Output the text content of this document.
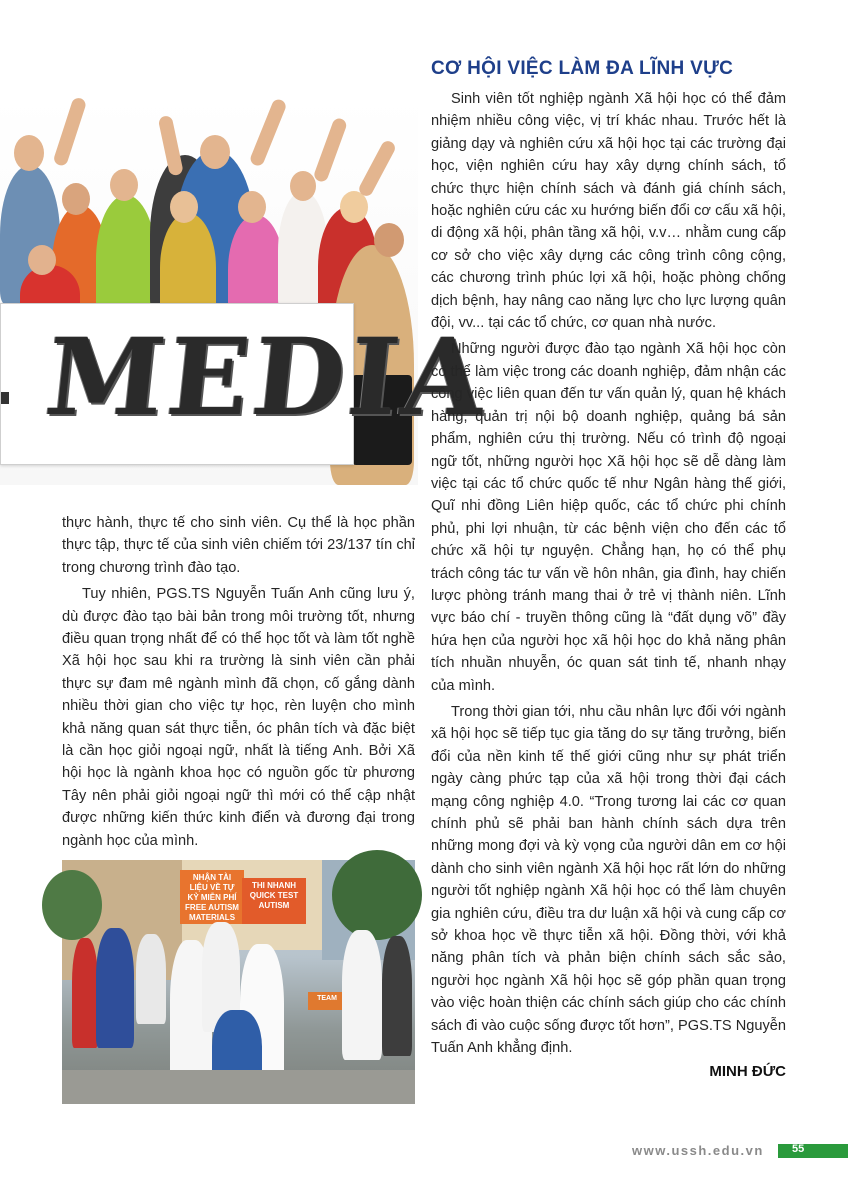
MEDIA
CƠ HỘI VIỆC LÀM ĐA LĨNH VỰC

Sinh viên tốt nghiệp ngành Xã hội học có thể đảm nhiệm nhiều công việc, vị trí khác nhau. Trước hết là giảng dạy và nghiên cứu xã hội học tại các trường đại học, viện nghiên cứu hay xây dựng chính sách, tổ chức thực hiện chính sách và đánh giá chính sách, hoặc nghiên cứu các xu hướng biến đổi cơ cấu xã hội, di động xã hội, phân tầng xã hội, v.v… nhằm cung cấp cơ sở cho việc xây dựng các công trình công cộng, các chương trình phúc lợi xã hội, hoặc phòng chống dịch bệnh, hay nâng cao năng lực cho lực lượng quân đội, vv... tại các tổ chức, cơ quan nhà nước.

Những người được đào tạo ngành Xã hội học còn có thể làm việc trong các doanh nghiệp, đảm nhận các công việc liên quan đến tư vấn quản lý, quan hệ khách hàng, quản trị nội bộ doanh nghiệp, quảng bá sản phẩm, nghiên cứu thị trường. Nếu có trình độ ngoại ngữ tốt, những người học Xã hội học sẽ dễ dàng làm việc tại các tổ chức quốc tế như Ngân hàng thế giới, Quĩ nhi đồng Liên hiệp quốc, các tổ chức phi chính phủ, phi lợi nhuận, từ các bệnh viện cho đến các tổ chức xã hội tự nguyện. Chẳng hạn, họ có thể phụ trách công tác tư vấn về hôn nhân, gia đình, hay chiến lược phòng tránh mang thai ở trẻ vị thành niên. Lĩnh vực báo chí - truyền thông cũng là “đất dụng võ” đầy hứa hẹn của người học xã hội học do khả năng phân tích nhuần nhuyễn, óc quan sát tinh tế, nhanh nhạy của mình.

Trong thời gian tới, nhu cầu nhân lực đối với ngành xã hội học sẽ tiếp tục gia tăng do sự tăng trưởng, biến đổi của nền kinh tế thế giới cũng như sự phát triển ngày càng phức tạp của xã hội trong thời đại cách mạng công nghiệp 4.0. “Trong tương lai các cơ quan chính phủ sẽ phải ban hành chính sách dựa trên những mong đợi và kỳ vọng của người dân em cơ hội dành cho sinh viên ngành Xã hội học rất lớn do những người tốt nghiệp ngành Xã hội học có thể làm chuyên gia nghiên cứu, điều tra dư luận xã hội và cung cấp cơ sở khoa học về thực tiễn xã hội. Đồng thời, với khả năng phân tích và phản biện chính sách sắc sảo, người học ngành Xã hội học sẽ góp phần quan trọng vào việc hoàn thiện các chính sách giúp cho các chính sách đi vào cuộc sống được tốt hơn”, PGS.TS Nguyễn Tuấn Anh khẳng định.

MINH ĐỨC

thực hành, thực tế cho sinh viên. Cụ thể là học phần thực tập, thực tế của sinh viên chiếm tới 23/137 tín chỉ trong chương trình đào tạo.

Tuy nhiên, PGS.TS Nguyễn Tuấn Anh cũng lưu ý, dù được đào tạo bài bản trong môi trường tốt, nhưng điều quan trọng nhất để có thể học tốt và làm tốt nghề Xã hội học sau khi ra trường là sinh viên cần phải thực sự đam mê ngành mình đã chọn, cố gắng dành nhiều thời gian cho việc tự học, rèn luyện cho mình khả năng quan sát thực tiễn, óc phân tích và đặc biệt là cần học giỏi ngoại ngữ, nhất là tiếng Anh. Bởi Xã hội học là ngành khoa học có nguồn gốc từ phương Tây nên phải giỏi ngoại ngữ thì mới có thể cập nhật được những kiến thức kinh điển và đương đại trong ngành học của mình.

NHẬN TÀI LIỆU VỀ TỰ KỶ MIỄN PHÍ FREE AUTISM MATERIALS
THI NHANH QUICK TEST AUTISM
TEAM
www.ussh.edu.vn	55
